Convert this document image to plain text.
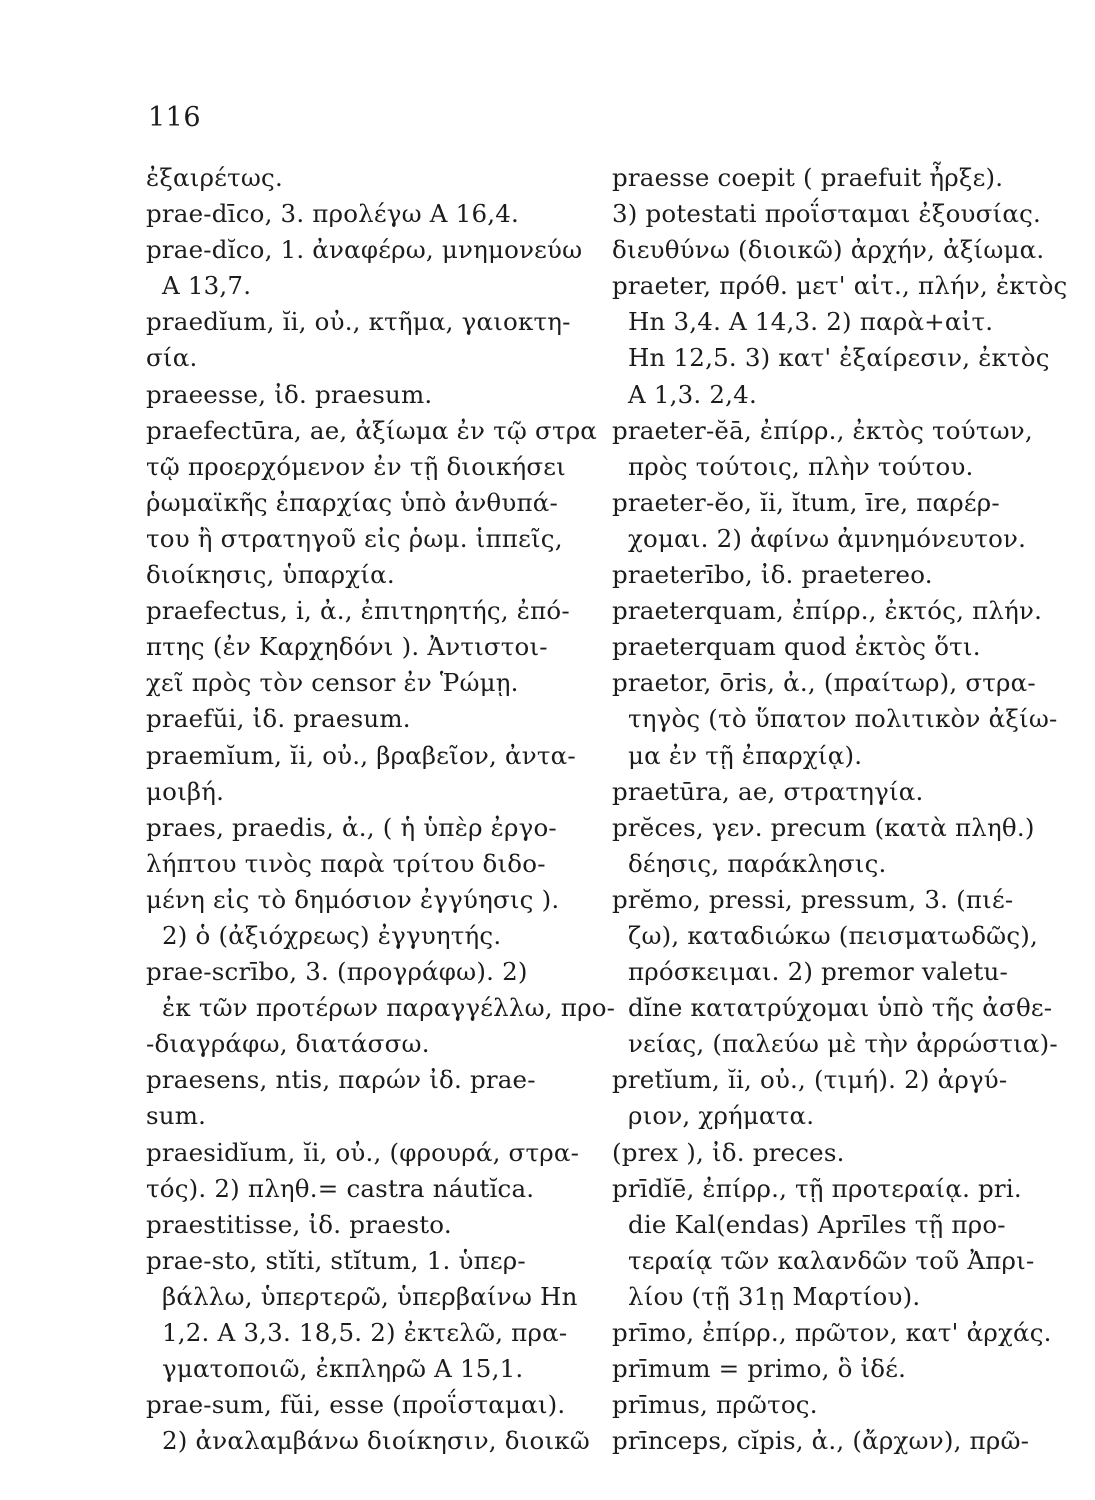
116
ἐξαιρέτως.
prae-dīco, 3. προλέγω Α 16,4.
prae-dĭco, 1. ἀναφέρω, μνημονεύω
Α 13,7.
praedĭum, ĭi, οὐ., κτῆμα, γαιοκτη-
σία.
praeesse, ἰδ. praesum.
praefectūra, ae, ἀξίωμα ἐν τῷ στρα
τῷ προερχόμενον ἐν τῇ διοικήσει
ῥωμαϊκῆς ἐπαρχίας ὑπὸ ἀνθυπά-
του ἢ στρατηγοῦ εἰς ῥωμ. ἱππεῖς,
διοίκησις, ὑπαρχία.
praefectus, i, ἀ., ἐπιτηρητής, ἐπό-
πτης (ἐν Καρχηδόνι ). Ἀντιστοι-
χεῖ πρὸς τὸν censor ἐν Ῥώμῃ.
praefŭi, ἰδ. praesum.
praemĭum, ĭi, οὐ., βραβεῖον, ἀντα-
μοιβή.
praes, praedis, ἀ., ( ἡ ὑπὲρ ἐργο-
λήπτου τινὸς παρὰ τρίτου διδο-
μένη εἰς τὸ δημόσιον ἐγγύησις ).
2) ὁ (ἀξιόχρεως) ἐγγυητής.
prae-scrībo, 3. (προγράφω). 2)
ἐκ τῶν προτέρων παραγγέλλω, προ-
-διαγράφω, διατάσσω.
praesens, ntis, παρών ἰδ. prae-
sum.
praesidĭum, ĭi, οὐ., (φρουρά, στρα-
τός). 2) πληθ.= castra náutĭca.
praestitisse, ἰδ. praesto.
prae-sto, stĭti, stĭtum, 1. ὑπερ-
βάλλω, ὑπερτερῶ, ὑπερβαίνω Hn
1,2. A 3,3. 18,5. 2) ἐκτελῶ, πρα-
γματοποιῶ, ἐκπληρῶ Α 15,1.
prae-sum, fŭi, esse (προΐσταμαι).
2) ἀναλαμβάνω διοίκησιν, διοικῶ
praesse coepit ( praefuit ἦρξε).
3) potestati προΐσταμαι ἐξουσίας.
διευθύνω (διοικῶ) ἀρχήν, ἀξίωμα.
praeter, πρόθ. μετ' αἰτ., πλήν, ἐκτὸς
Hn 3,4. A 14,3. 2) παρὰ+αἰτ.
Hn 12,5. 3) κατ' ἐξαίρεσιν, ἐκτὸς
A 1,3. 2,4.
praeter-ĕā, ἐπίρρ., ἐκτὸς τούτων,
πρὸς τούτοις, πλὴν τούτου.
praeter-ĕo, ĭi, ĭtum, īre, παρέρ-
χομαι. 2) ἀφίνω ἀμνημόνευτον.
praeterībo, ἰδ. praetereo.
praeterquam, ἐπίρρ., ἐκτός, πλήν.
praeterquam quod ἐκτὸς ὅτι.
praetor, ōris, ἀ., (πραίτωρ), στρα-
τηγὸς (τὸ ὕπατον πολιτικὸν ἀξίω-
μα ἐν τῇ ἐπαρχίᾳ).
praetūra, ae, στρατηγία.
prĕces, γεν. precum (κατὰ πληθ.)
δέησις, παράκλησις.
prĕmo, pressi, pressum, 3. (πιέ-
ζω), καταδιώκω (πεισματωδῶς),
πρόσκειμαι. 2) premor valetu-
dĭne κατατρύχομαι ὑπὸ τῆς ἀσθε-
νείας, (παλεύω μὲ τὴν ἀρρώστια)-
pretĭum, ĭi, οὐ., (τιμή). 2) ἀργύ-
ριον, χρήματα.
(prex ), ἰδ. preces.
prīdĭē, ἐπίρρ., τῇ προτεραίᾳ. pri.
die Kal(endas) Aprīles τῇ προ-
τεραίᾳ τῶν καλανδῶν τοῦ Ἀπρι-
λίου (τῇ 31ῃ Μαρτίου).
prīmo, ἐπίρρ., πρῶτον, κατ' ἀρχάς.
prīmum = primo, ὃ ἰδέ.
prīmus, πρῶτος.
prīnceps, cĭpis, ἀ., (ἄρχων), πρῶ-
